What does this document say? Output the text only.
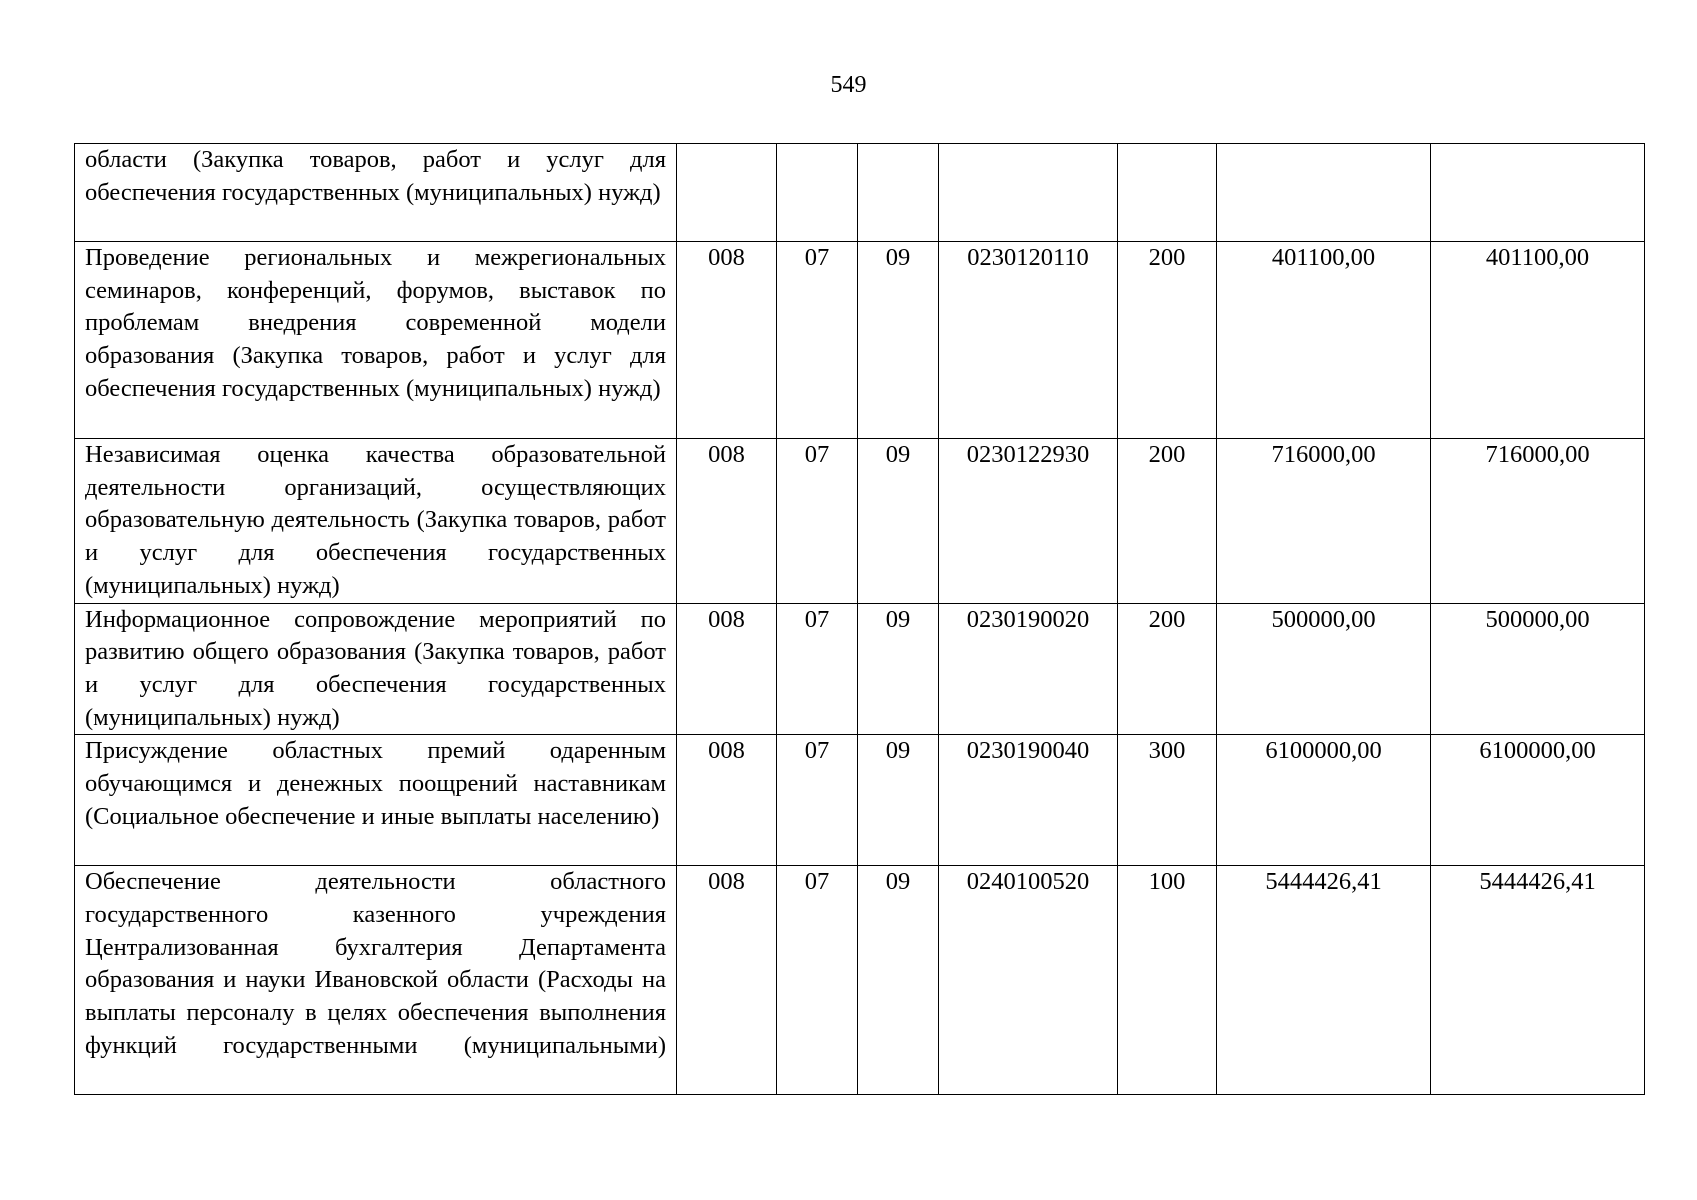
549
области (Закупка товаров, работ и услуг для обеспечения государственных (муниципальных) нужд)							
Проведение региональных и межрегиональных семинаров, конференций, форумов, выставок по проблемам внедрения современной модели образования (Закупка товаров, работ и услуг для обеспечения государственных (муниципальных) нужд)	008	07	09	0230120110	200	401100,00	401100,00
Независимая оценка качества образовательной деятельности организаций, осуществляющих образовательную деятельность (Закупка товаров, работ и услуг для обеспечения государственных (муниципальных) нужд)	008	07	09	0230122930	200	716000,00	716000,00
Информационное сопровождение мероприятий по развитию общего образования (Закупка товаров, работ и услуг для обеспечения государственных (муниципальных) нужд)	008	07	09	0230190020	200	500000,00	500000,00
Присуждение областных премий одаренным обучающимся и денежных поощрений наставникам (Социальное обеспечение и иные выплаты населению)	008	07	09	0230190040	300	6100000,00	6100000,00
Обеспечение деятельности областного государственного казенного учреждения Централизованная бухгалтерия Департамента образования и науки Ивановской области (Расходы на выплаты персоналу в целях обеспечения выполнения функций государственными (муниципальными)	008	07	09	0240100520	100	5444426,41	5444426,41
